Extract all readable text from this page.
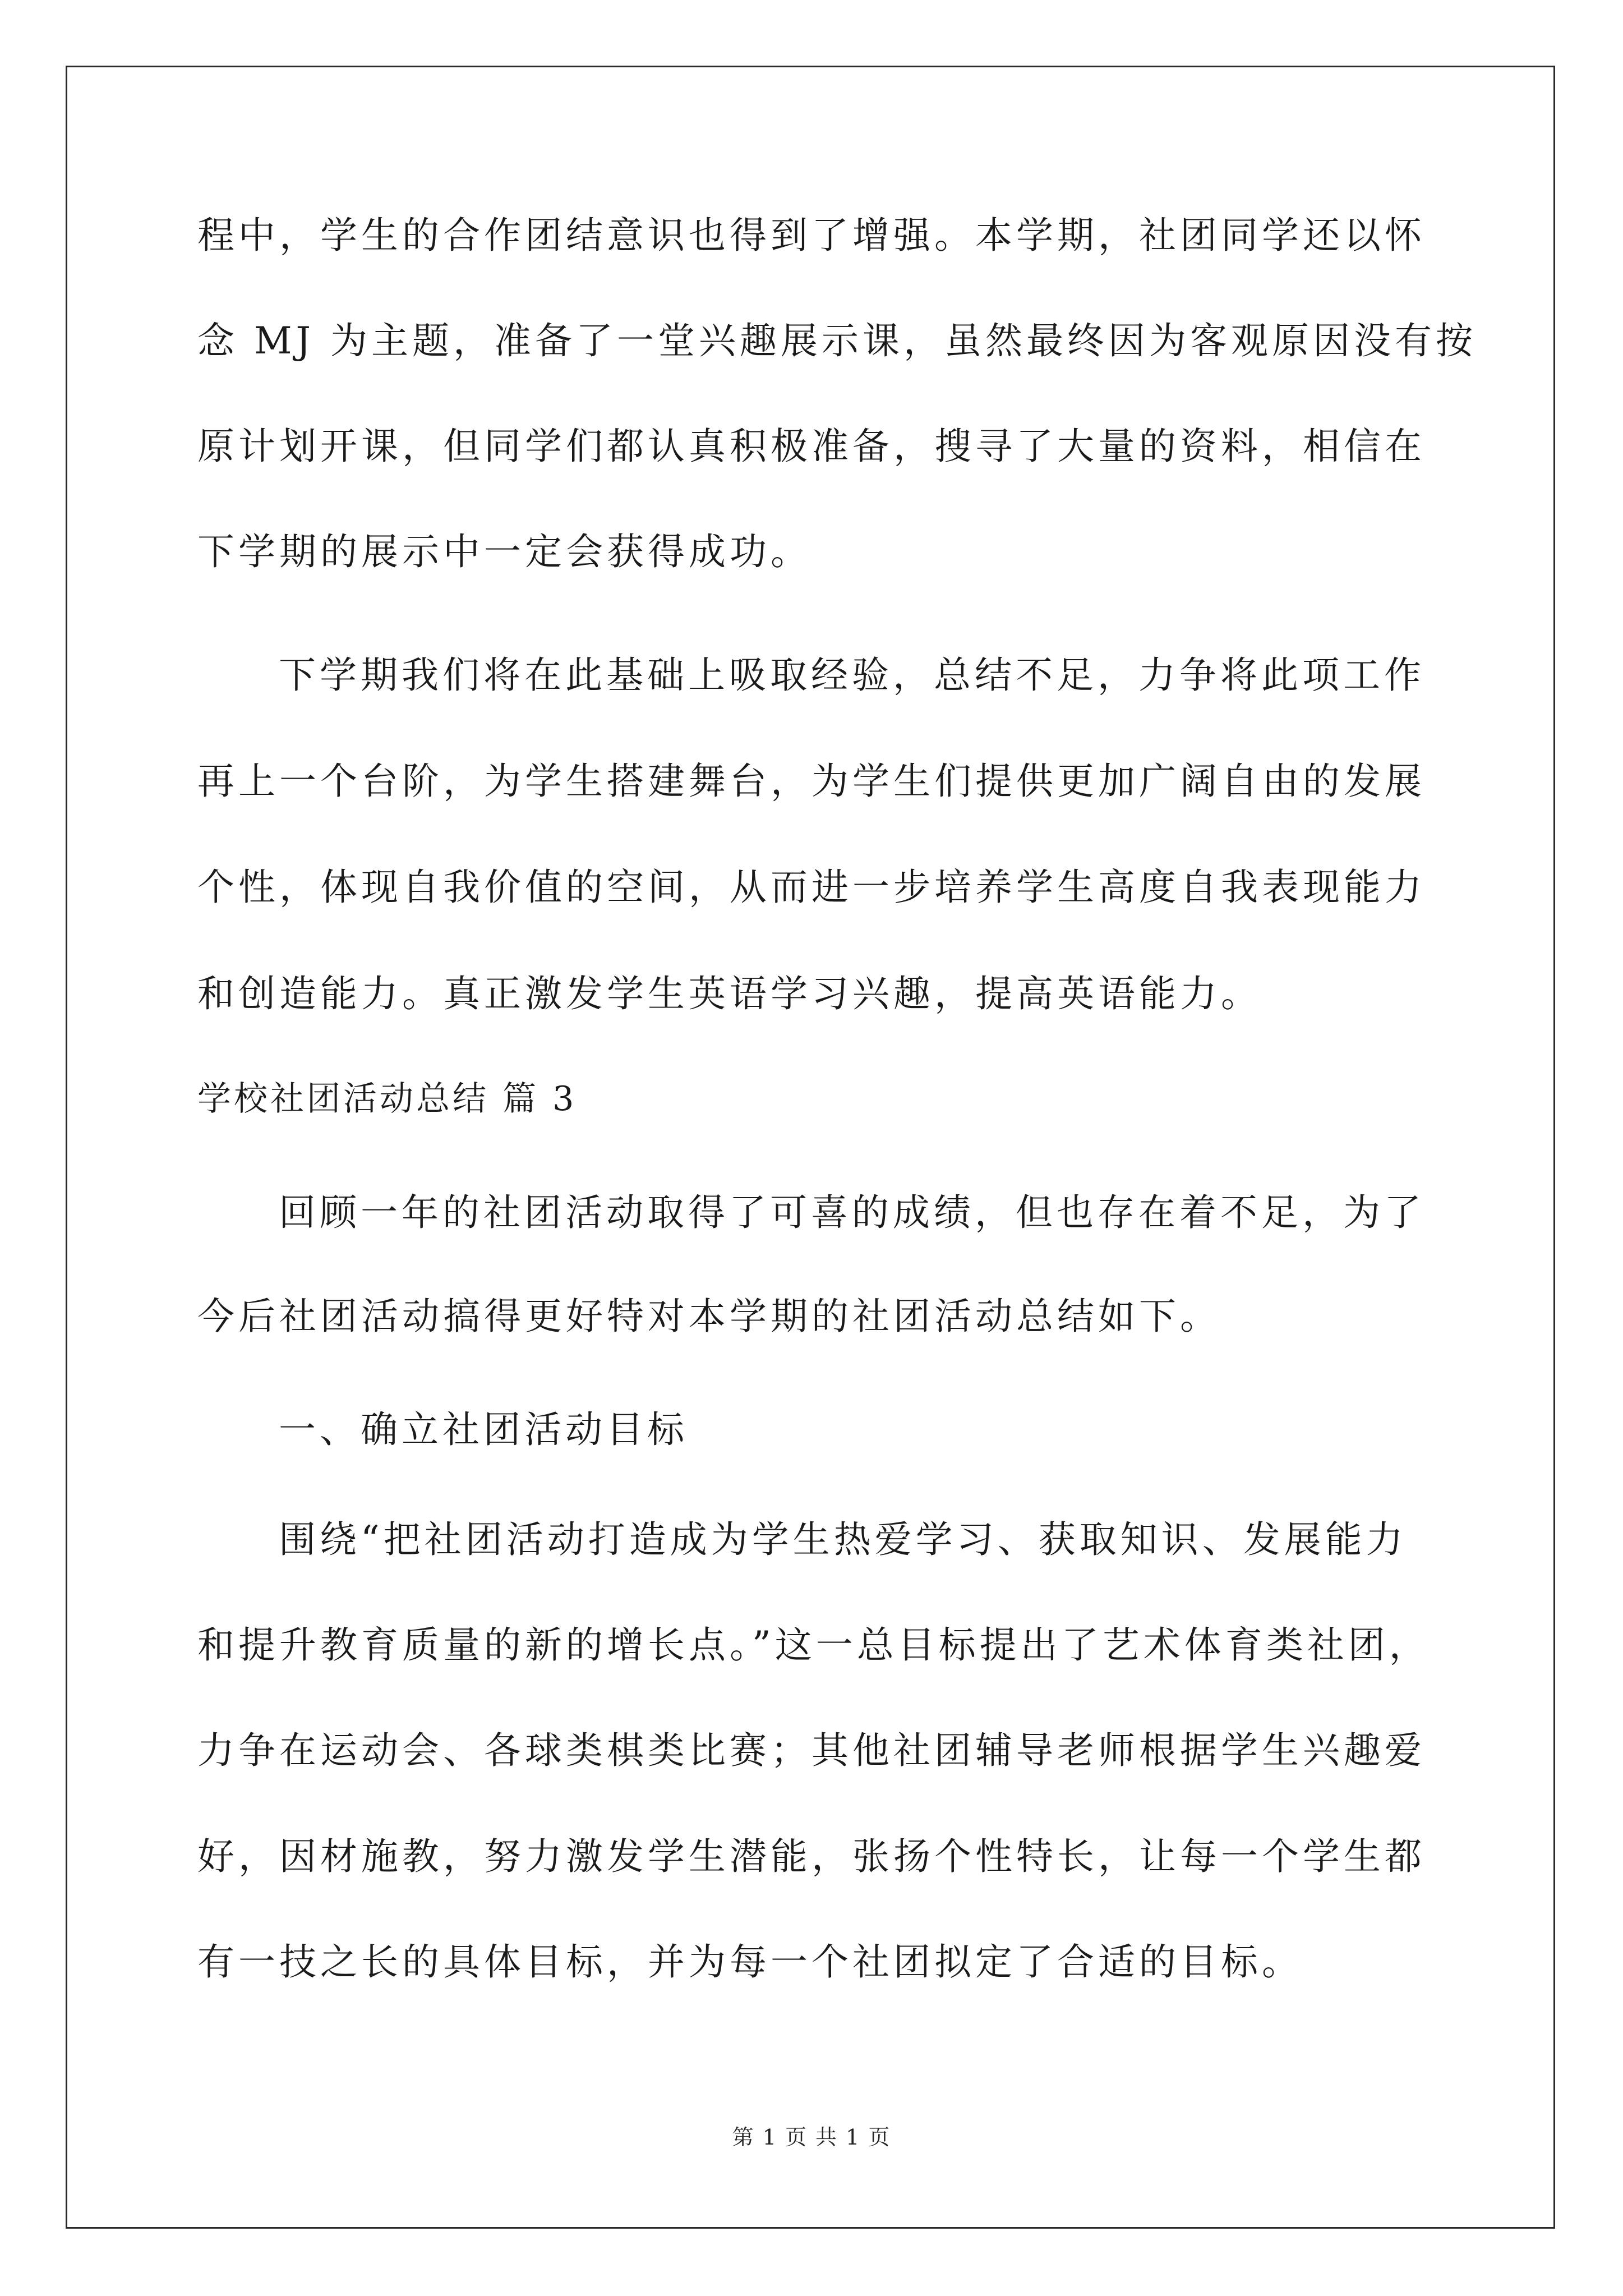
程中，学生的合作团结意识也得到了增强。本学期，社团同学还以怀

念 MJ 为主题，准备了一堂兴趣展示课，虽然最终因为客观原因没有按

原计划开课，但同学们都认真积极准备，搜寻了大量的资料，相信在

下学期的展示中一定会获得成功。

下学期我们将在此基础上吸取经验，总结不足，力争将此项工作

再上一个台阶，为学生搭建舞台，为学生们提供更加广阔自由的发展

个性，体现自我价值的空间，从而进一步培养学生高度自我表现能力

和创造能力。真正激发学生英语学习兴趣，提高英语能力。

学校社团活动总结 篇 3

回顾一年的社团活动取得了可喜的成绩，但也存在着不足，为了

今后社团活动搞得更好特对本学期的社团活动总结如下。

一、确立社团活动目标

围绕“把社团活动打造成为学生热爱学习、获取知识、发展能力

和提升教育质量的新的增长点。”这一总目标提出了艺术体育类社团，

力争在运动会、各球类棋类比赛；其他社团辅导老师根据学生兴趣爱

好，因材施教，努力激发学生潜能，张扬个性特长，让每一个学生都

有一技之长的具体目标，并为每一个社团拟定了合适的目标。

第 1 页 共 1 页
